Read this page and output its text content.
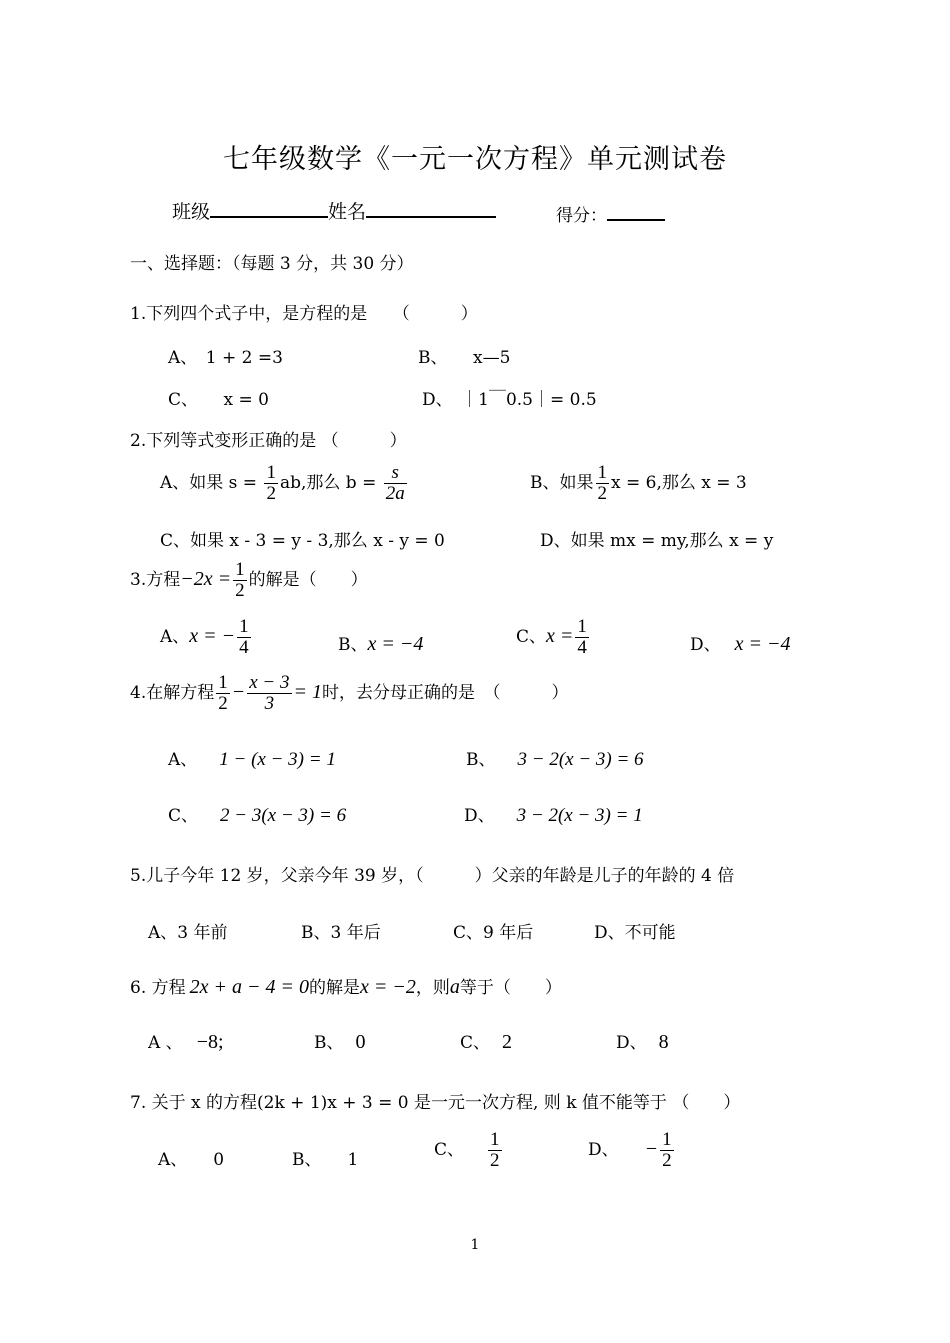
七年级数学《一元一次方程》单元测试卷
班级	姓名	得分：
一、选择题：（每题 3 分，共 30 分）
1.下列四个式子中，是方程的是　　（　　　）
A、　1 + 2 =3	B、　　x—5
C、　　x = 0	D、　｜1￣0.5｜= 0.5
2.下列等式变形正确的是 （　　　）
A、如果 $s = \frac{1}{2}$ ab,那么 $b = \frac{s}{2a}$	B、如果 $\frac{1}{2}$ x = 6,那么 x = 3
C、如果 x - 3 = y - 3,那么 x - y = 0	D、如果 mx = my,那么 x = y
3.方程$-2x = \frac{1}{2}$ 的解是（　　）
A、x = − $\frac{1}{4}$	B、x = −4	C、$x = \frac{1}{4}$	D、 x = −4
4.在解方程 $\frac{1}{2} - \frac{x - 3}{3} = 1$时，去分母正确的是　（　　　）
A、 1 − (x − 3) = 1	B、 3 − 2(x − 3) = 6
C、 2 − 3(x − 3) = 6	D、 3 − 2(x − 3) = 1
5.儿子今年 12 岁，父亲今年 39 岁，（　　　）父亲的年龄是儿子的年龄的 4 倍
A、3 年前	B、3 年后	C、9 年后	D、不可能
6. 方程 2x + a − 4 = 0的解是x = −2，则a等于（　　）
A 、 −8;	B、 0	C、 2	D、 8
7. 关于 x 的方程(2k + 1)x + 3 = 0 是一元一次方程, 则 k 值不能等于 （　　）
A、 0	B、 1
C、 $\frac{1}{2}$	D、 − $\frac{1}{2}$
1
